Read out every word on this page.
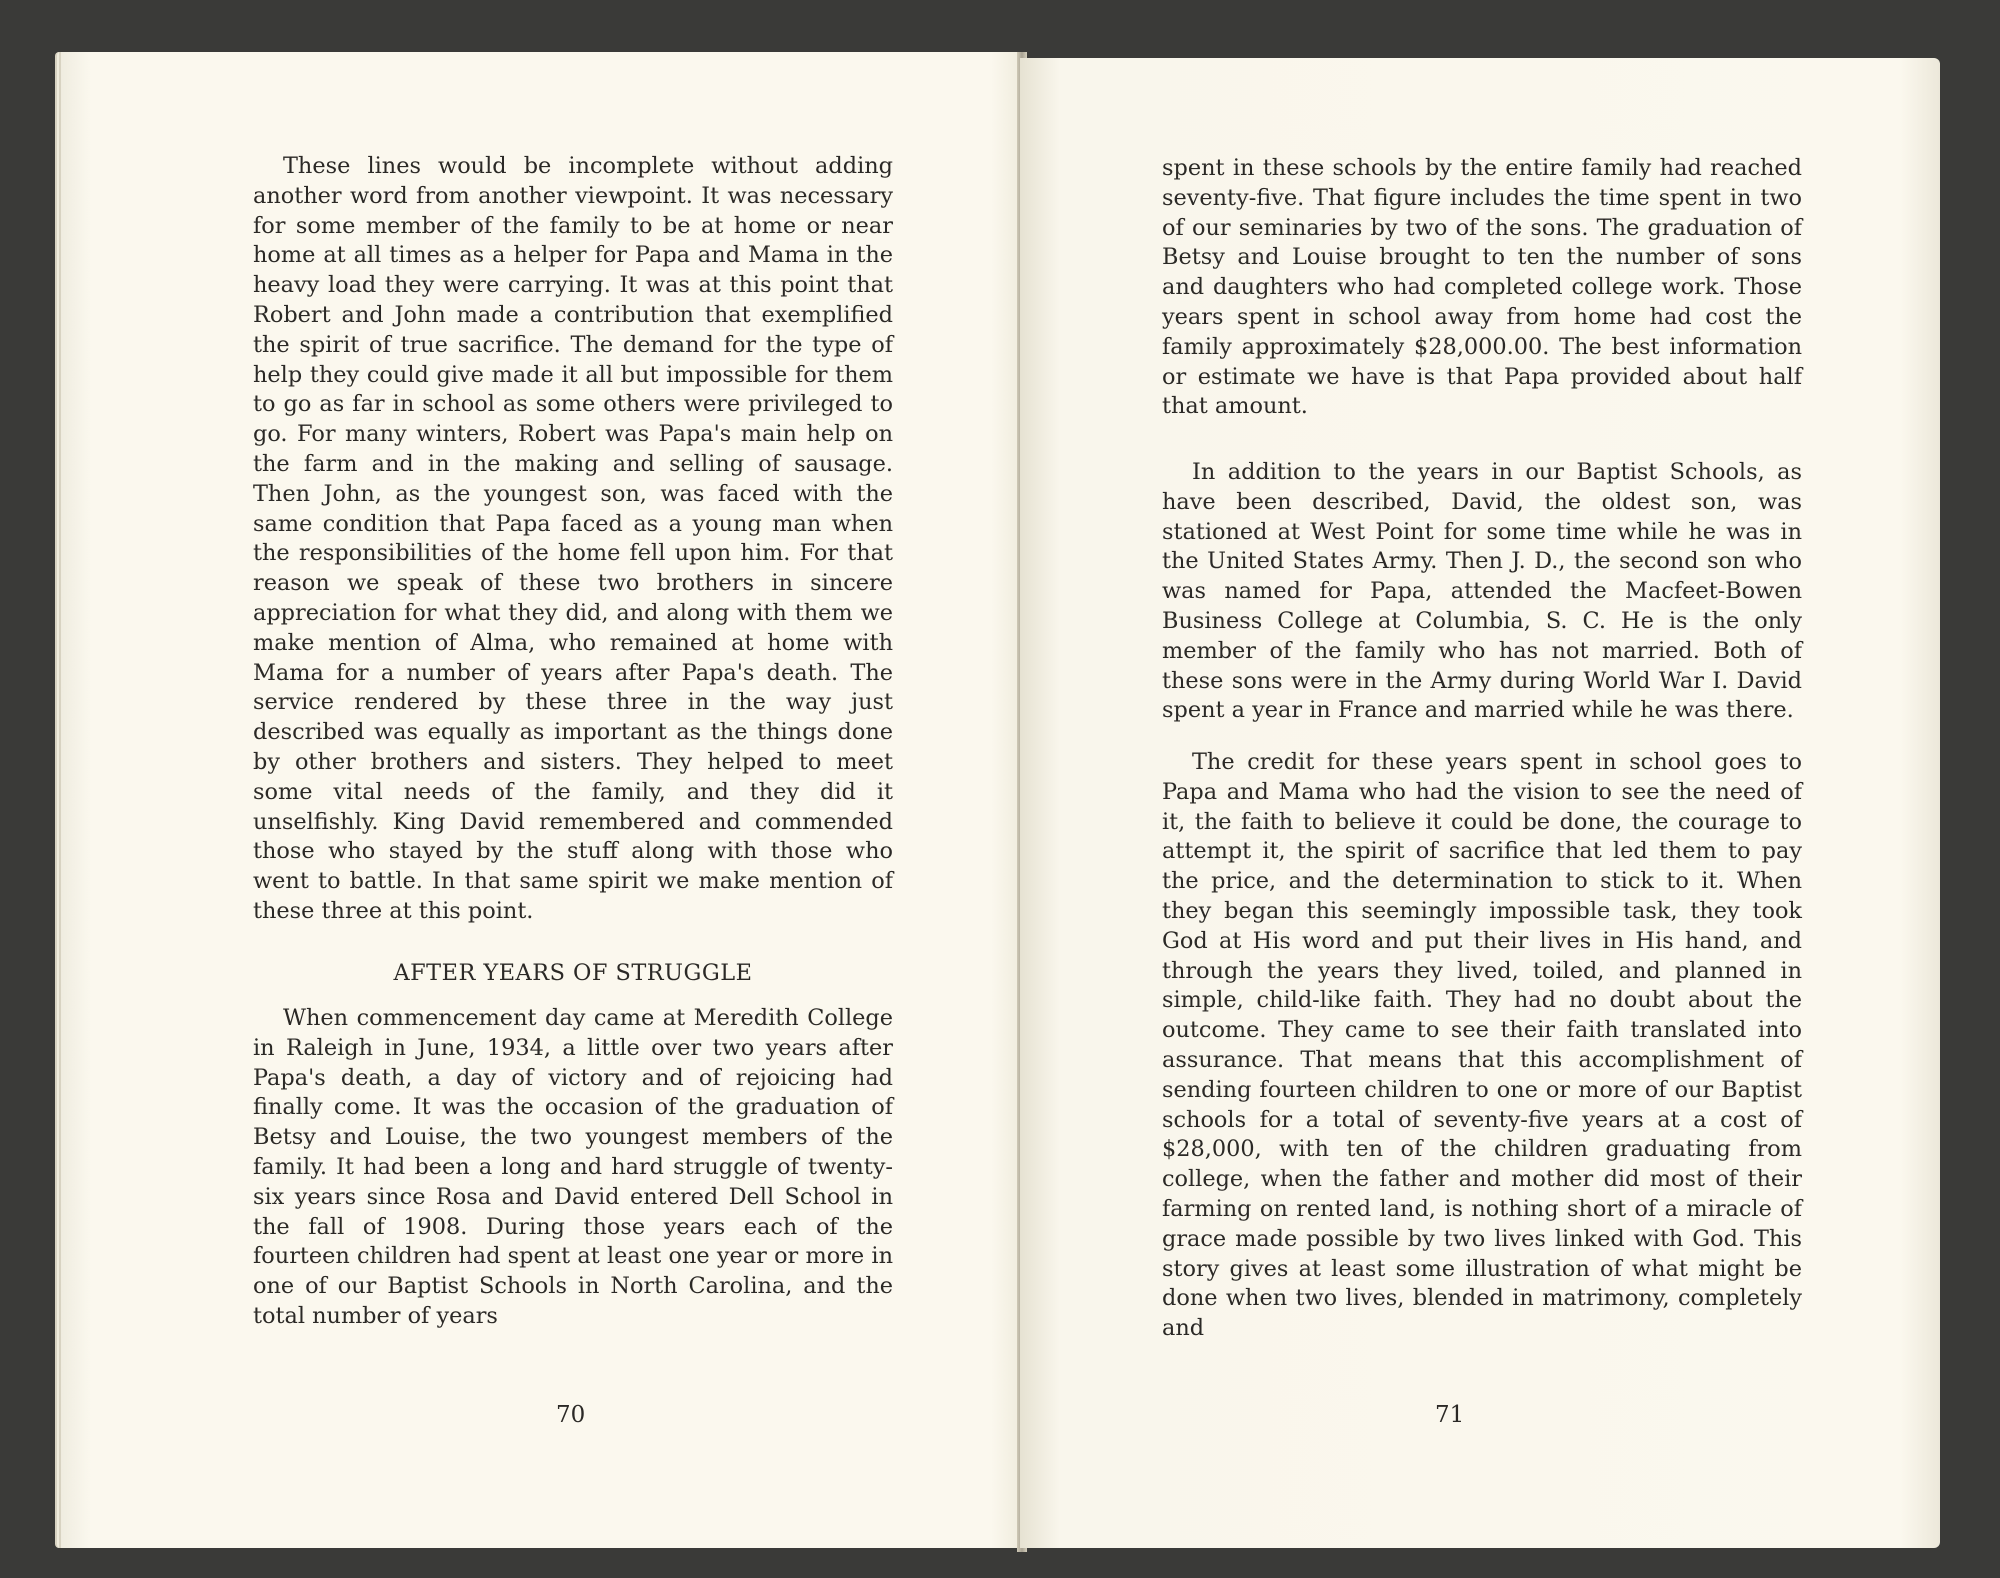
These lines would be incomplete without adding another word from another viewpoint. It was necessary for some member of the family to be at home or near home at all times as a helper for Papa and Mama in the heavy load they were carrying. It was at this point that Robert and John made a contribution that exemplified the spirit of true sacrifice. The demand for the type of help they could give made it all but impossible for them to go as far in school as some others were privileged to go. For many winters, Robert was Papa's main help on the farm and in the making and selling of sausage. Then John, as the youngest son, was faced with the same condition that Papa faced as a young man when the responsibilities of the home fell upon him. For that reason we speak of these two brothers in sincere appreciation for what they did, and along with them we make mention of Alma, who remained at home with Mama for a number of years after Papa's death. The service rendered by these three in the way just described was equally as important as the things done by other brothers and sisters. They helped to meet some vital needs of the family, and they did it unselfishly. King David remembered and commended those who stayed by the stuff along with those who went to battle. In that same spirit we make mention of these three at this point.

AFTER YEARS OF STRUGGLE

When commencement day came at Meredith College in Raleigh in June, 1934, a little over two years after Papa's death, a day of victory and of rejoicing had finally come. It was the occasion of the graduation of Betsy and Louise, the two youngest members of the family. It had been a long and hard struggle of twenty-six years since Rosa and David entered Dell School in the fall of 1908. During those years each of the fourteen children had spent at least one year or more in one of our Baptist Schools in North Carolina, and the total number of years

70

spent in these schools by the entire family had reached seventy-five. That figure includes the time spent in two of our seminaries by two of the sons. The graduation of Betsy and Louise brought to ten the number of sons and daughters who had completed college work. Those years spent in school away from home had cost the family approximately $28,000.00. The best information or estimate we have is that Papa provided about half that amount.

In addition to the years in our Baptist Schools, as have been described, David, the oldest son, was stationed at West Point for some time while he was in the United States Army. Then J. D., the second son who was named for Papa, attended the Macfeet-Bowen Business College at Columbia, S. C. He is the only member of the family who has not married. Both of these sons were in the Army during World War I. David spent a year in France and married while he was there.

The credit for these years spent in school goes to Papa and Mama who had the vision to see the need of it, the faith to believe it could be done, the courage to attempt it, the spirit of sacrifice that led them to pay the price, and the determination to stick to it. When they began this seemingly impossible task, they took God at His word and put their lives in His hand, and through the years they lived, toiled, and planned in simple, child-like faith. They had no doubt about the outcome. They came to see their faith translated into assurance. That means that this accomplishment of sending fourteen children to one or more of our Baptist schools for a total of seventy-five years at a cost of $28,000, with ten of the children graduating from college, when the father and mother did most of their farming on rented land, is nothing short of a miracle of grace made possible by two lives linked with God. This story gives at least some illustration of what might be done when two lives, blended in matrimony, completely and

71
